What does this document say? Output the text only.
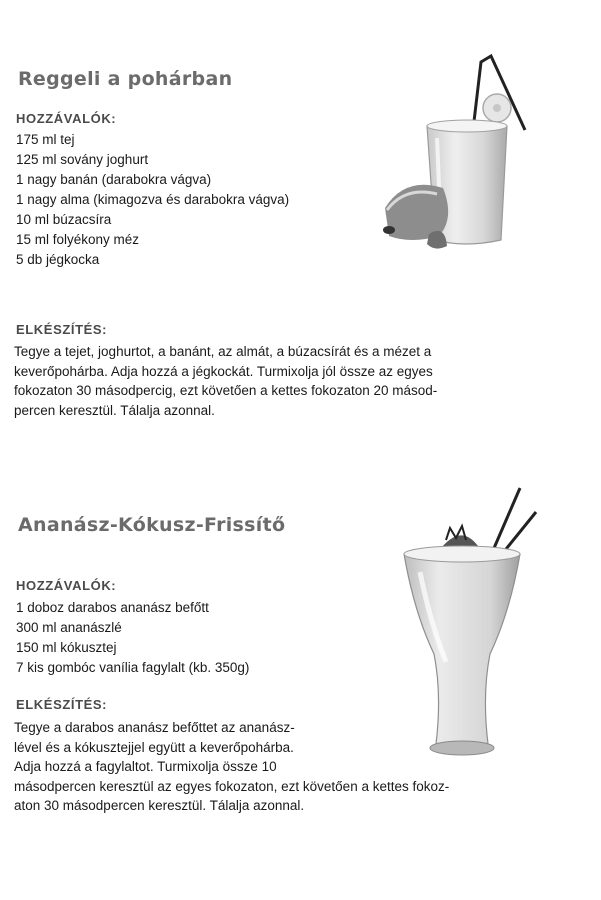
Reggeli a pohárban
HOZZÁVALÓK:
175 ml tej
125 ml sovány joghurt
1 nagy banán (darabokra vágva)
1 nagy alma (kimagozva és darabokra vágva)
10 ml búzacsíra
15 ml folyékony méz
5 db jégkocka
ELKÉSZÍTÉS:

Tegye a tejet, joghurtot, a banánt, az almát, a búzacsírát és a mézet a
keverőpohárba. Adja hozzá a jégkockát. Turmixolja jól össze az egyes
fokozaton 30 másodpercig, ezt követően a kettes fokozaton 20 másod-
percen keresztül. Tálalja azonnal.

Ananász-Kókusz-Frissítő
HOZZÁVALÓK:
1 doboz darabos ananász befőtt
300 ml ananászlé
150 ml kókusztej
7 kis gombóc vanília fagylalt (kb. 350g)
ELKÉSZÍTÉS:

Tegye a darabos ananász befőttet az ananász-
lével és a kókusztejjel együtt a keverőpohárba.
Adja hozzá a fagylaltot. Turmixolja össze 10
másodpercen keresztül az egyes fokozaton, ezt követően a kettes fokoz-
aton 30 másodpercen keresztül. Tálalja azonnal.
